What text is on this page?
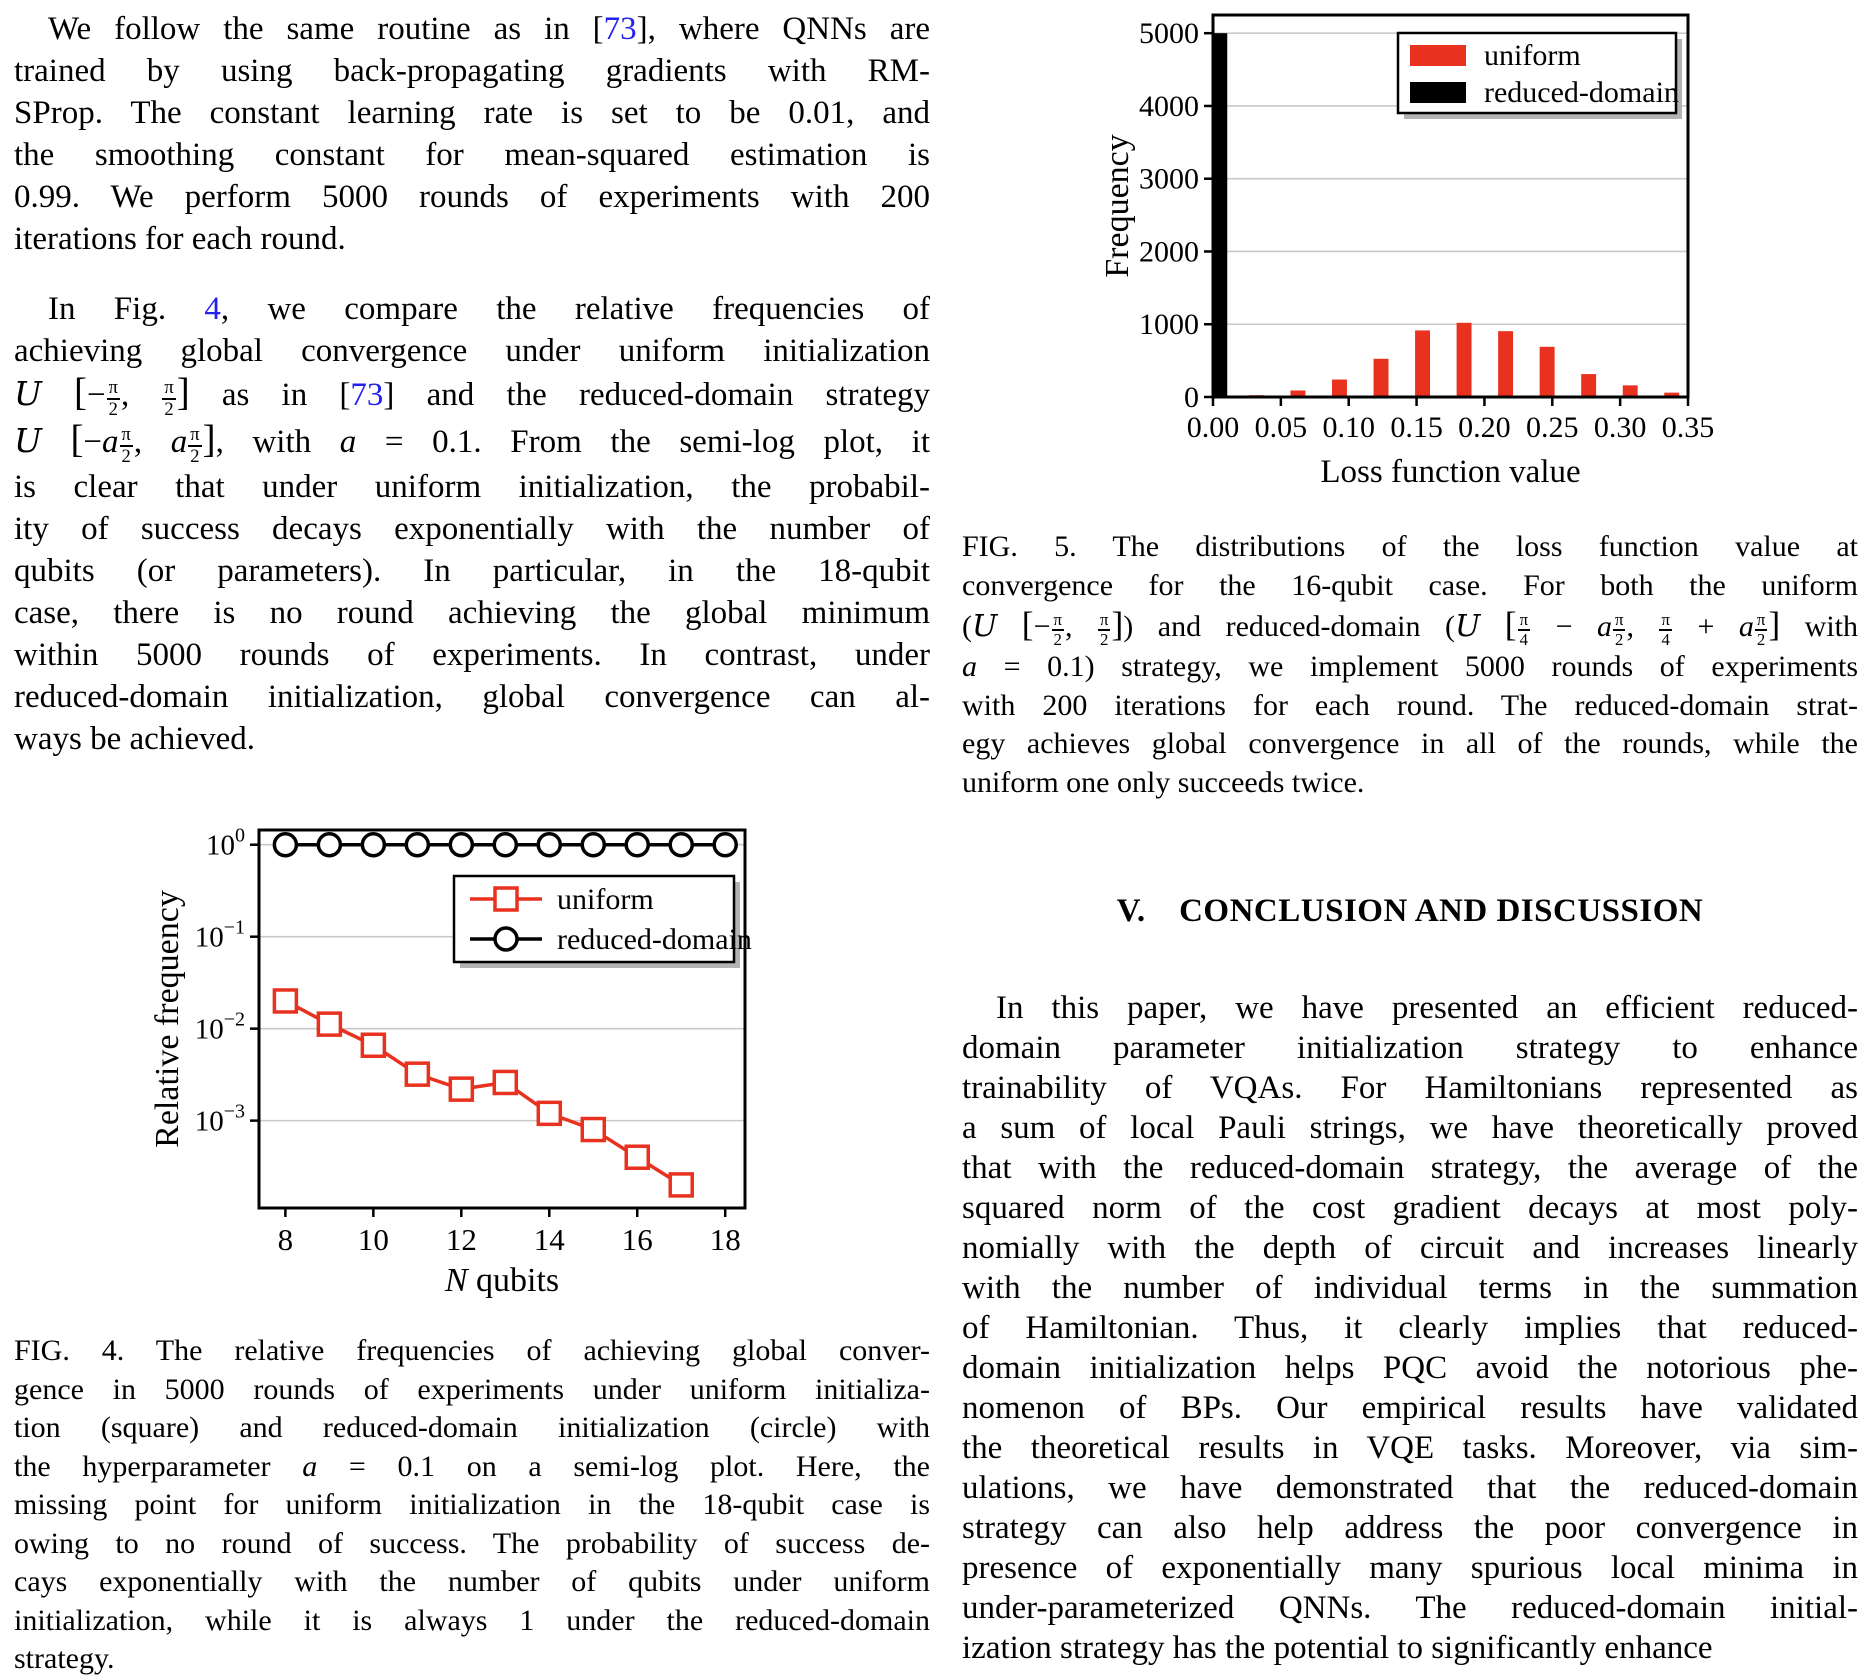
We follow the same routine as in [73], where QNNs are
trained by using back-propagating gradients with RM-
SProp. The constant learning rate is set to be 0.01, and
the smoothing constant for mean-squared estimation is
0.99. We perform 5000 rounds of experiments with 200
iterations for each round.
In Fig. 4, we compare the relative frequencies of
achieving global convergence under uniform initialization
U [− $\frac{\pi}{2}$ , $\frac{\pi}{2}$ ] as in [73] and the reduced-domain strategy
U [$-a \frac{\pi}{2}$ , a $\frac{\pi}{2}$ ], with a = 0.1. From the semi-log plot, it
is clear that under uniform initialization, the probabil-
ity of success decays exponentially with the number of
qubits (or parameters). In particular, in the 18-qubit
case, there is no round achieving the global minimum
within 5000 rounds of experiments. In contrast, under
reduced-domain initialization, global convergence can al-
ways be achieved.
8 10 12 14 16 18
$10^0$
$10^{-1}$
$10^{-2}$
$10^{-3}$
N qubits
Relative frequency	uniform
reduced-domain
FIG. 4. The relative frequencies of achieving global conver-
gence in 5000 rounds of experiments under uniform initializa-
tion (square) and reduced-domain initialization (circle) with
the hyperparameter a = 0.1 on a semi-log plot. Here, the
missing point for uniform initialization in the 18-qubit case is
owing to no round of success. The probability of success de-
cays exponentially with the number of qubits under uniform
initialization, while it is always 1 under the reduced-domain
strategy.
0.00 0.05 0.10 0.15 0.20 0.25 0.30 0.35
0
1000
2000
3000
4000
5000
Loss function value
Frequency
uniform
reduced-domain
FIG. 5. The distributions of the loss function value at
convergence for the 16-qubit case. For both the uniform
(U [− $\frac{\pi}{2}$ , $\frac{\pi}{2}$ ]) and reduced-domain (U [ $\frac{\pi}{4} - a \frac{\pi}{2}$ , $\frac{\pi}{4} + a \frac{\pi}{2}$ ] with
a = 0.1) strategy, we implement 5000 rounds of experiments
with 200 iterations for each round. The reduced-domain strat-
egy achieves global convergence in all of the rounds, while the
uniform one only succeeds twice.
V. CONCLUSION AND DISCUSSION
In this paper, we have presented an efficient reduced-
domain parameter initialization strategy to enhance
trainability of VQAs. For Hamiltonians represented as
a sum of local Pauli strings, we have theoretically proved
that with the reduced-domain strategy, the average of the
squared norm of the cost gradient decays at most poly-
nomially with the depth of circuit and increases linearly
with the number of individual terms in the summation
of Hamiltonian. Thus, it clearly implies that reduced-
domain initialization helps PQC avoid the notorious phe-
nomenon of BPs. Our empirical results have validated
the theoretical results in VQE tasks. Moreover, via sim-
ulations, we have demonstrated that the reduced-domain
strategy can also help address the poor convergence in
presence of exponentially many spurious local minima in
under-parameterized QNNs. The reduced-domain initial-
ization strategy has the potential to significantly enhance
